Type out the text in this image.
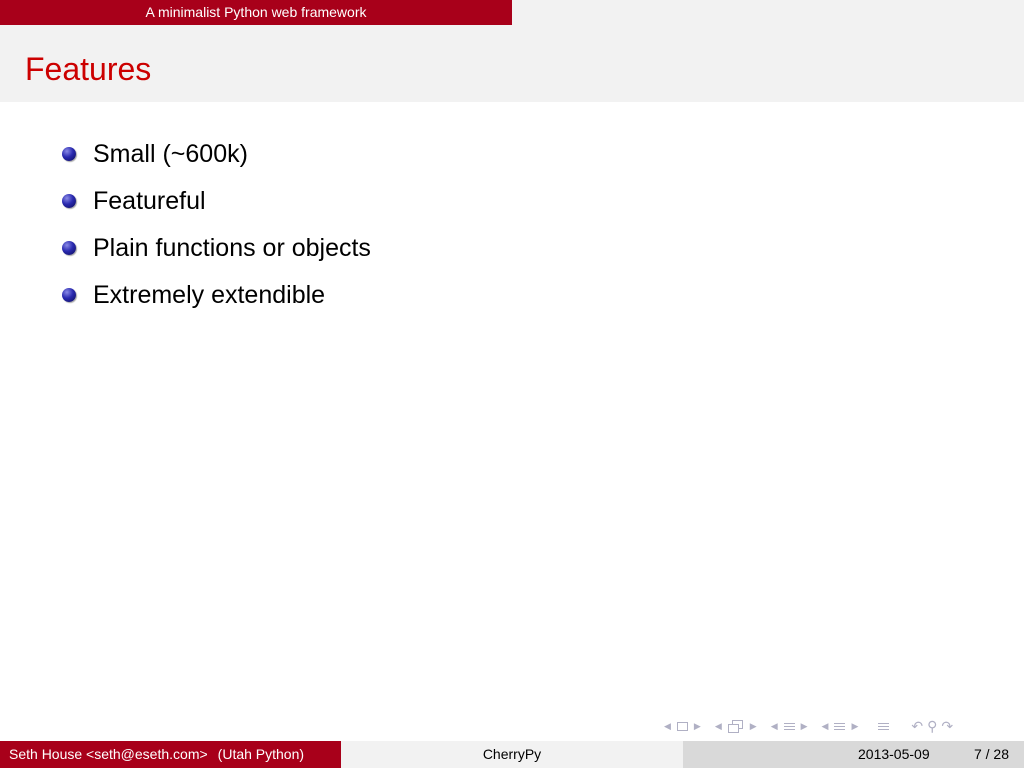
A minimalist Python web framework
Features
Small (~600k)
Featureful
Plain functions or objects
Extremely extendible
◀	▶ ◀	▶ ◀	▶ ◀	▶	↶ ⚲ ↷
Seth House <seth@eseth.com> (Utah Python)	CherryPy	2013-05-09	7 / 28
